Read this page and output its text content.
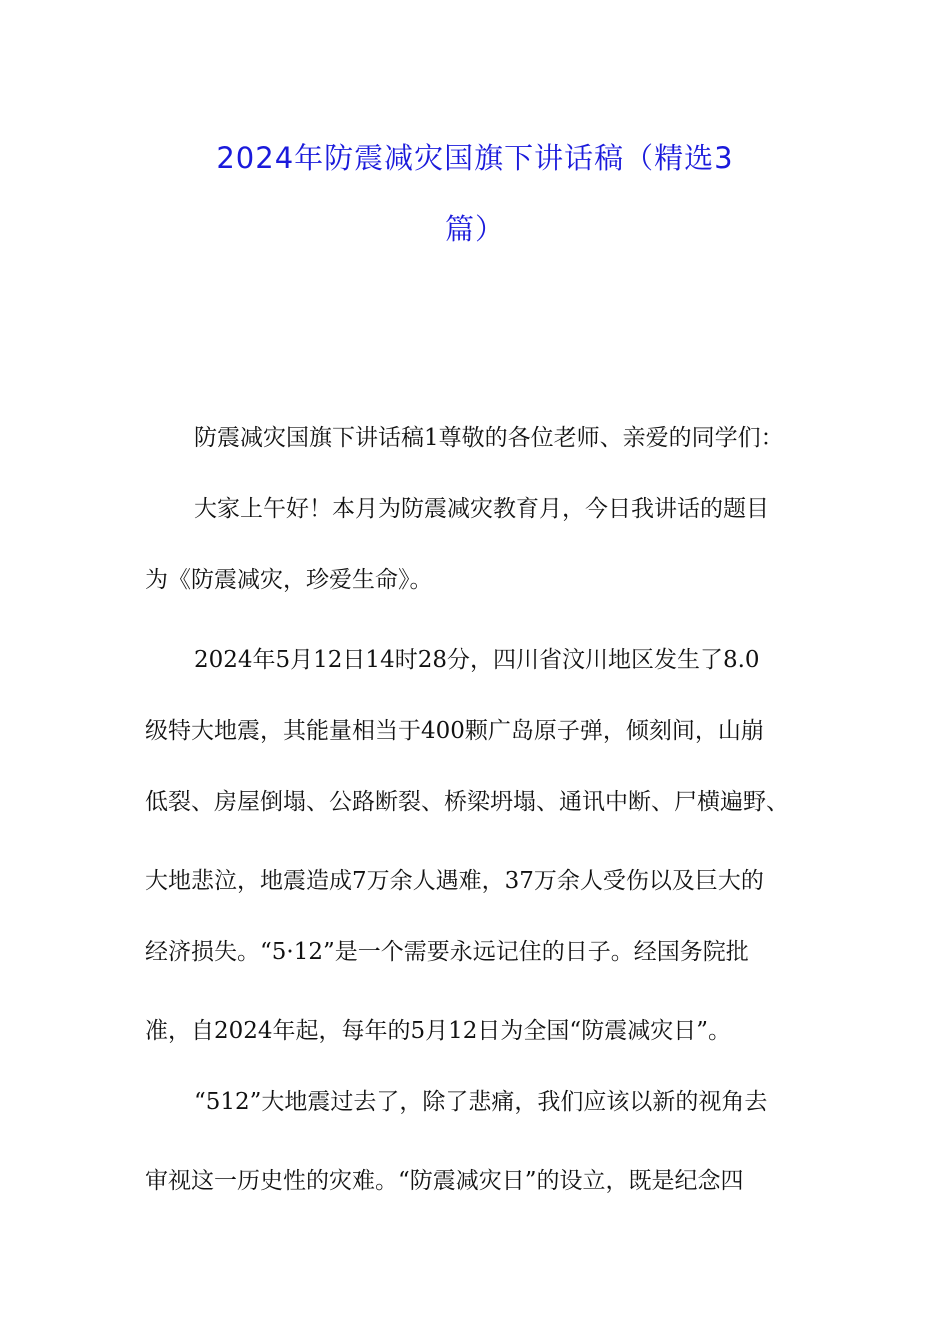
2024年防震减灾国旗下讲话稿（精选3
篇）

防震减灾国旗下讲话稿1尊敬的各位老师、亲爱的同学们：

大家上午好！本月为防震减灾教育月，今日我讲话的题目

为《防震减灾，珍爱生命》。

2024年5月12日14时28分，四川省汶川地区发生了8.0

级特大地震，其能量相当于400颗广岛原子弹，倾刻间，山崩

低裂、房屋倒塌、公路断裂、桥梁坍塌、通讯中断、尸横遍野、

大地悲泣，地震造成7万余人遇难，37万余人受伤以及巨大的

经济损失。“5·12”是一个需要永远记住的日子。经国务院批

准，自2024年起，每年的5月12日为全国“防震减灾日”。

“512”大地震过去了，除了悲痛，我们应该以新的视角去

审视这一历史性的灾难。“防震减灾日”的设立，既是纪念四
